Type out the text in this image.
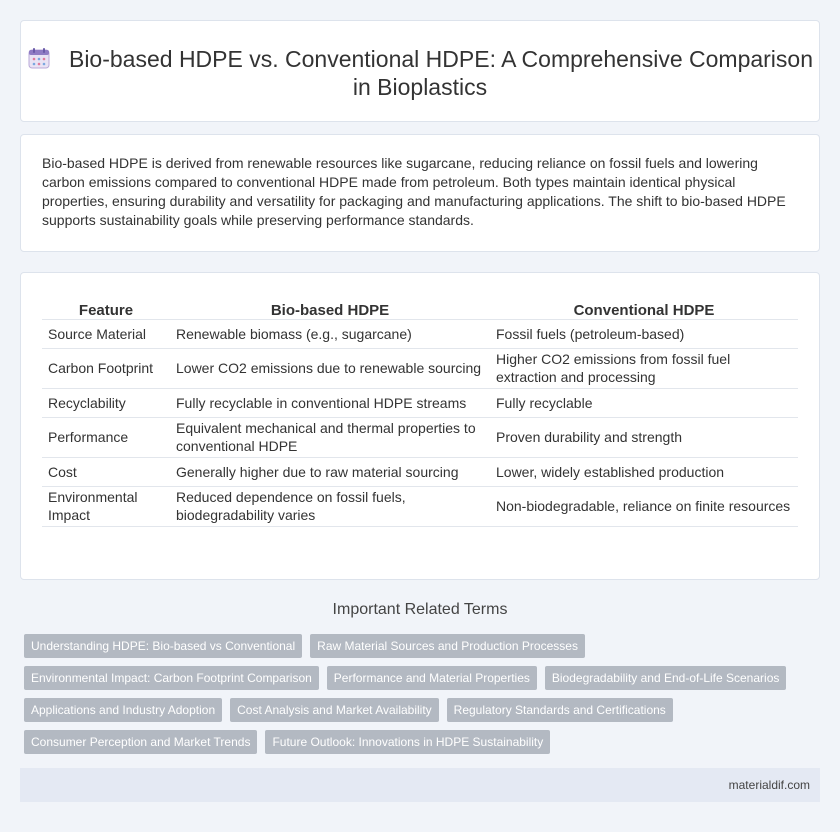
Bio-based HDPE vs. Conventional HDPE: A Comprehensive Comparison in Bioplastics

Bio-based HDPE is derived from renewable resources like sugarcane, reducing reliance on fossil fuels and lowering carbon emissions compared to conventional HDPE made from petroleum. Both types maintain identical physical properties, ensuring durability and versatility for packaging and manufacturing applications. The shift to bio-based HDPE supports sustainability goals while preserving performance standards.

Feature	Bio-based HDPE	Conventional HDPE
Source Material	Renewable biomass (e.g., sugarcane)	Fossil fuels (petroleum-based)
Carbon Footprint	Lower CO2 emissions due to renewable sourcing	Higher CO2 emissions from fossil fuel extraction and processing
Recyclability	Fully recyclable in conventional HDPE streams	Fully recyclable
Performance	Equivalent mechanical and thermal properties to conventional HDPE	Proven durability and strength
Cost	Generally higher due to raw material sourcing	Lower, widely established production
Environmental Impact	Reduced dependence on fossil fuels, biodegradability varies	Non-biodegradable, reliance on finite resources
Important Related Terms
Understanding HDPE: Bio-based vs Conventional	Raw Material Sources and Production Processes
Environmental Impact: Carbon Footprint Comparison	Performance and Material Properties	Biodegradability and End-of-Life Scenarios
Applications and Industry Adoption	Cost Analysis and Market Availability	Regulatory Standards and Certifications
Consumer Perception and Market Trends	Future Outlook: Innovations in HDPE Sustainability
materialdif.com
